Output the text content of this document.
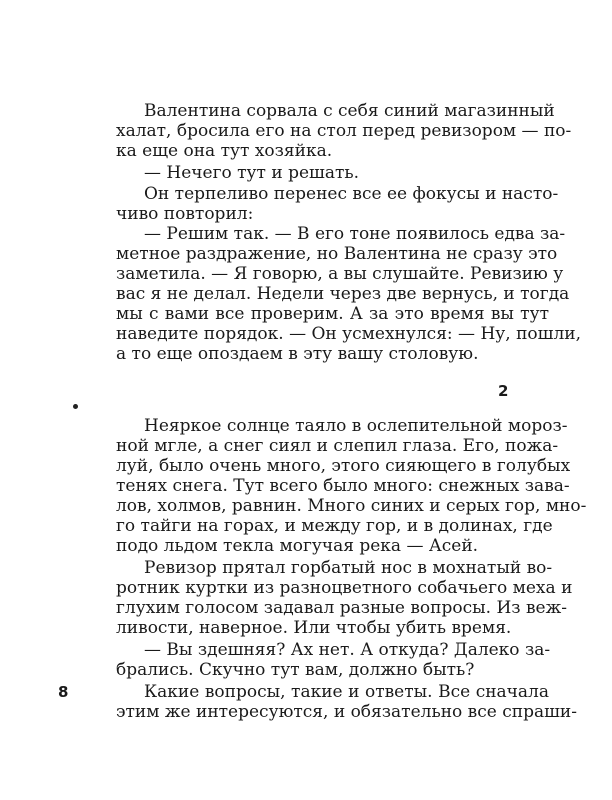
Валентина сорвала с себя синий магазинный
халат, бросила его на стол перед ревизором — по-
ка еще она тут хозяйка.
— Нечего тут и решать.
Он терпеливо перенес все ее фокусы и насто-
чиво повторил:
— Решим так. — В его тоне появилось едва за-
метное раздражение, но Валентина не сразу это
заметила. — Я говорю, а вы слушайте. Ревизию у
вас я не делал. Недели через две вернусь, и тогда
мы с вами все проверим. А за это время вы тут
наведите порядок. — Он усмехнулся: — Ну, пошли,
а то еще опоздаем в эту вашу столовую.
2
Неяркое солнце таяло в ослепительной мороз-
ной мгле, а снег сиял и слепил глаза. Его, пожа-
луй, было очень много, этого сияющего в голубых
тенях снега. Тут всего было много: снежных зава-
лов, холмов, равнин. Много синих и серых гор, мно-
го тайги на горах, и между гор, и в долинах, где
подо льдом текла могучая река — Асей.
Ревизор прятал горбатый нос в мохнатый во-
ротник куртки из разноцветного собачьего меха и
глухим голосом задавал разные вопросы. Из веж-
ливости, наверное. Или чтобы убить время.
— Вы здешняя? Ах нет. А откуда? Далеко за-
брались. Скучно тут вам, должно быть?
Какие вопросы, такие и ответы. Все сначала
этим же интересуются, и обязательно все спраши-
8
